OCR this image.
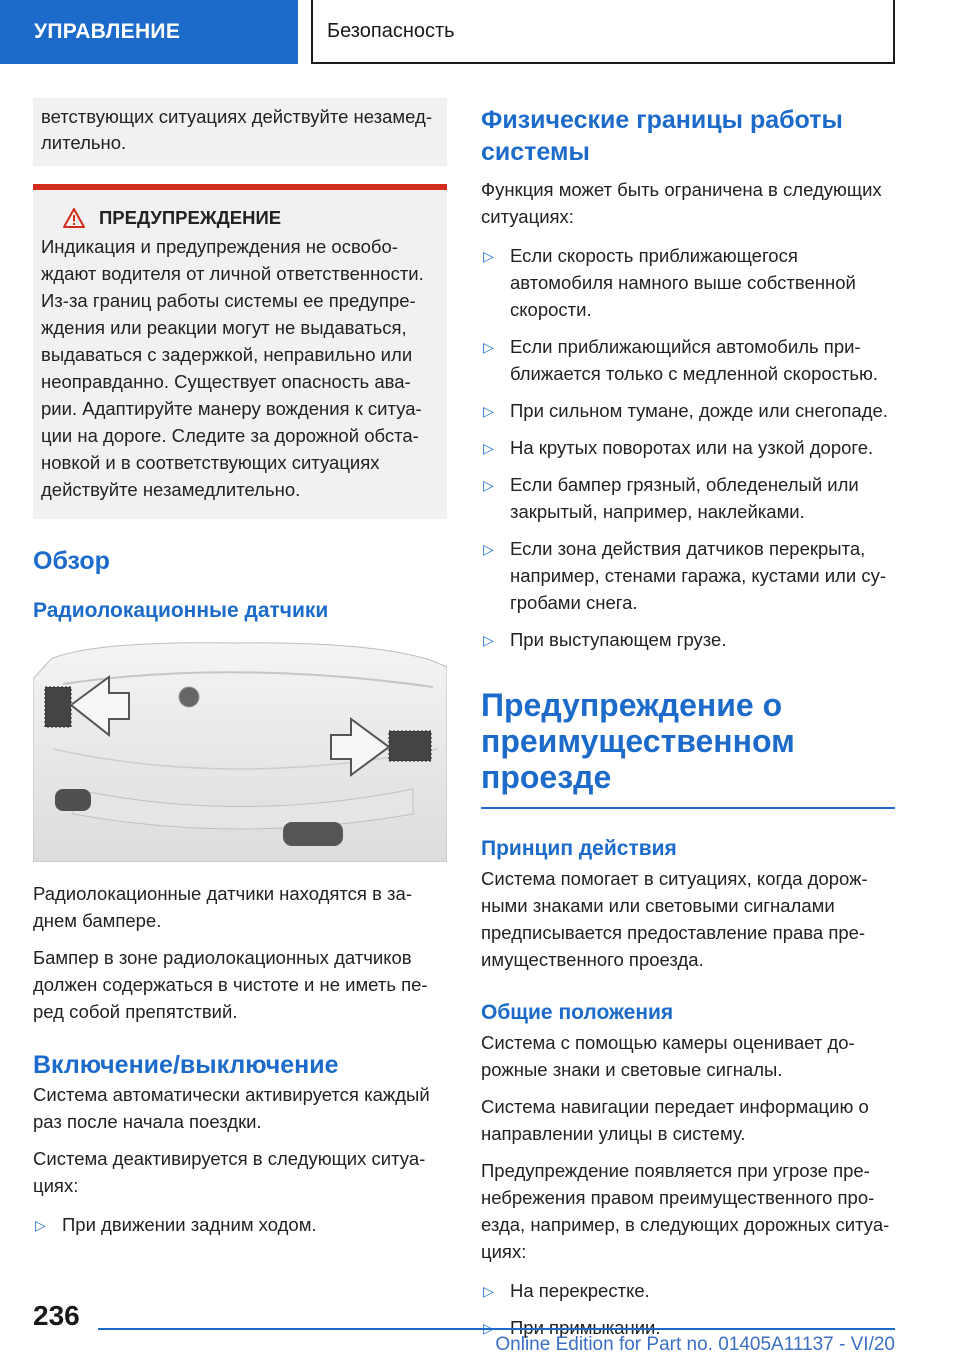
УПРАВЛЕНИЕ	Безопасность
ветствующих ситуациях действуйте незамед-лительно.
ПРЕДУПРЕЖДЕНИЕ
Индикация и предупреждения не освобо-ждают водителя от личной ответственности. Из-за границ работы системы ее предупре-ждения или реакции могут не выдаваться, выдаваться с задержкой, неправильно или неоправданно. Существует опасность ава-рии. Адаптируйте манеру вождения к ситуа-ции на дороге. Следите за дорожной обста-новкой и в соответствующих ситуациях действуйте незамедлительно.
Обзор
Радиолокационные датчики

Радиолокационные датчики находятся в за-днем бампере.

Бампер в зоне радиолокационных датчиков должен содержаться в чистоте и не иметь пе-ред собой препятствий.

Включение/выключение

Система автоматически активируется каждый раз после начала поездки.

Система деактивируется в следующих ситуа-циях:

▷ При движении задним ходом.
Физические границы работы системы

Функция может быть ограничена в следующих ситуациях:

▷ Если скорость приближающегося автомобиля намного выше собственной скорости.
▷ Если приближающийся автомобиль при-ближается только с медленной скоростью.
▷ При сильном тумане, дожде или снегопаде.
▷ На крутых поворотах или на узкой дороге.
▷ Если бампер грязный, обледенелый или закрытый, например, наклейками.
▷ Если зона действия датчиков перекрыта, например, стенами гаража, кустами или су-гробами снега.
▷ При выступающем грузе.
Предупреждение о преимущественном проезде
Принцип действия

Система помогает в ситуациях, когда дорож-ными знаками или световыми сигналами предписывается предоставление права пре-имущественного проезда.

Общие положения

Система с помощью камеры оценивает до-рожные знаки и световые сигналы.

Система навигации передает информацию о направлении улицы в систему.

Предупреждение появляется при угрозе пре-небрежения правом преимущественного про-езда, например, в следующих дорожных ситуа-циях:

▷ На перекрестке.
▷ При примыкании.
236
Online Edition for Part no. 01405A11137 - VI/20
